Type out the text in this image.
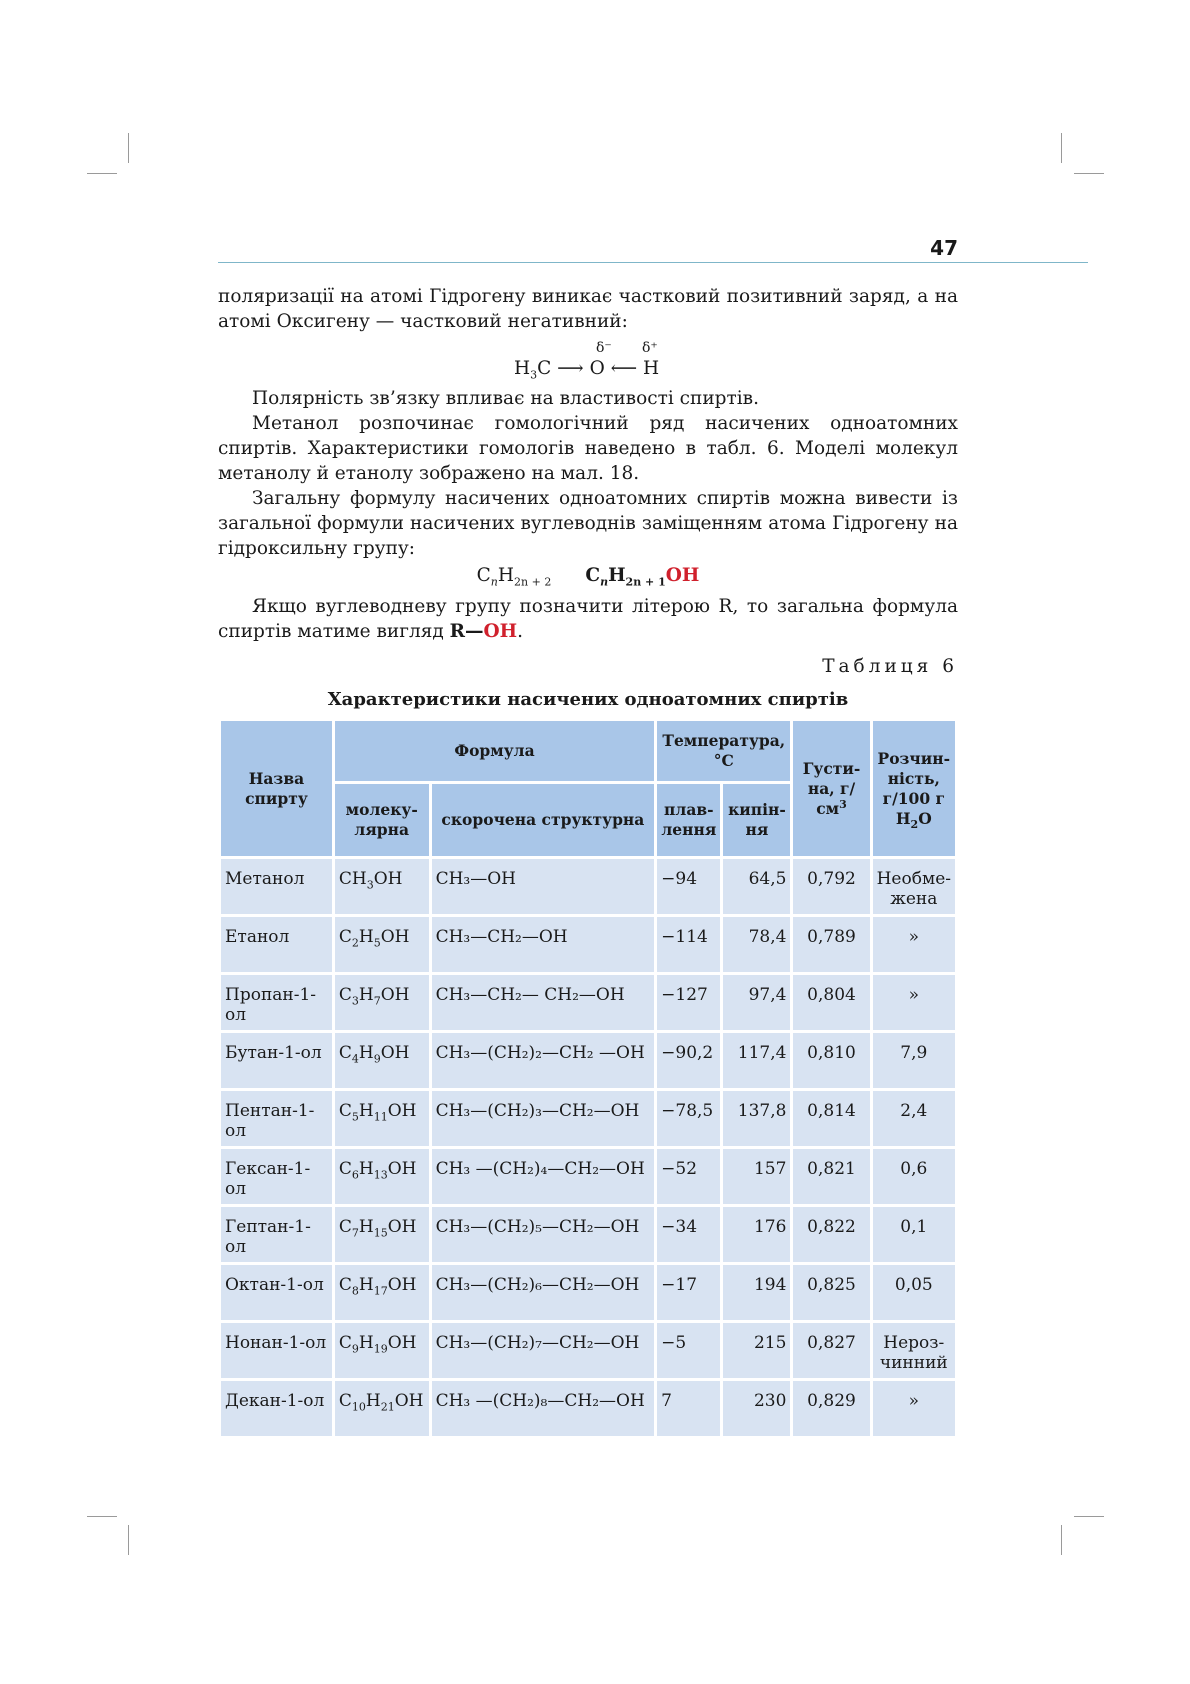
47

поляризації на атомі Гідрогену виникає частковий позитивний заряд, а на атомі Оксигену — частковий негативний:

δ⁻ δ⁺
$H_3C$ ⟶ O ⟵ H

Полярність зв’язку впливає на властивості спиртів.

Метанол розпочинає гомологічний ряд насичених одноатомних спиртів. Характеристики гомологів наведено в табл. 6. Моделі молекул метанолу й етанолу зображено на мал. 18.

Загальну формулу насичених одноатомних спиртів можна вивести із загальної формули насичених вуглеводнів заміщенням атома Гідрогену на гідроксильну групу:

$C_nH_{2n + 2}$ $C_nH_{2n + 1}OH$

Якщо вуглеводневу групу позначити літерою R, то загальна формула спиртів матиме вигляд R—OH.

Таблиця 6
Характеристики насичених одноатомних спиртів
Назва спирту	Формула		Температура, °С		Густи-на, $г/см^3$	Розчин-ність, г/100 г
$H_2O$
	молеку-лярна	скорочена структурна	плав-лення	кипін-ня		
Метанол	$CH_3OH$	CH₃—OH	−94	64,5	0,792	Необме-жена
Етанол	$C_2H_5OH$	CH₃—CH₂—OH	−114	78,4	0,789	»
Пропан-1-ол	$C_3H_7OH$	CH₃—CH₂— CH₂—OH	−127	97,4	0,804	»
Бутан-1-ол	$C_4H_9OH$	CH₃—(CH₂)₂—CH₂ —OH	−90,2	117,4	0,810	7,9
Пентан-1-ол	$C_5H_{11}OH$	CH₃—(CH₂)₃—CH₂—OH	−78,5	137,8	0,814	2,4
Гексан-1-ол	$C_6H_{13}OH$	CH₃ —(CH₂)₄—CH₂—OH	−52	157	0,821	0,6
Гептан-1-ол	$C_7H_{15}OH$	CH₃—(CH₂)₅—CH₂—OH	−34	176	0,822	0,1
Октан-1-ол	$C_8H_{17}OH$	CH₃—(CH₂)₆—CH₂—OH	−17	194	0,825	0,05
Нонан-1-ол	$C_9H_{19}OH$	CH₃—(CH₂)₇—CH₂—OH	−5	215	0,827	Нероз-чинний
Декан-1-ол	$C_{10}H_{21}OH$	CH₃ —(CH₂)₈—CH₂—OH	7	230	0,829	»
